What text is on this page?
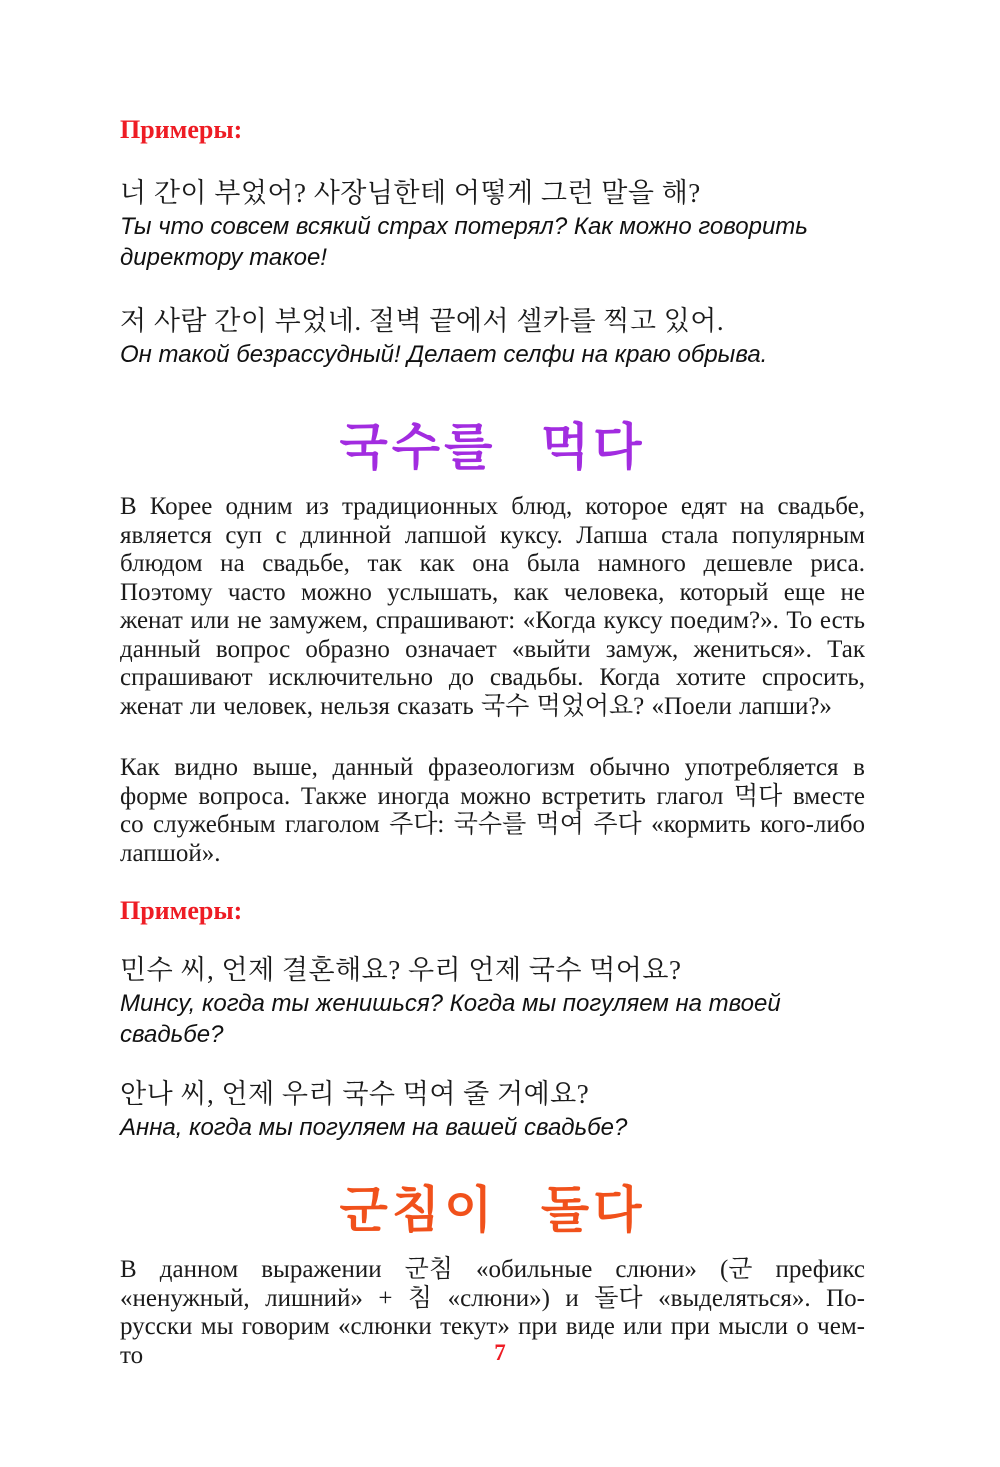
Примеры:

너 간이 부었어? 사장님한테 어떻게 그런 말을 해?

Ты что совсем всякий страх потерял? Как можно говорить директору такое!

저 사람 간이 부었네. 절벽 끝에서 셀카를 찍고 있어.

Он такой безрассудный! Делает селфи на краю обрыва.

국수를 먹다

В Корее одним из традиционных блюд, которое едят на свадьбе, является суп с длинной лапшой куксу. Лапша стала популярным блюдом на свадьбе, так как она была намного дешевле риса. Поэтому часто можно услышать, как человека, который еще не женат или не замужем, спрашивают: «Когда куксу поедим?». То есть данный вопрос образно означает «выйти замуж, жениться». Так спрашивают исключительно до свадьбы. Когда хотите спросить, женат ли человек, нельзя сказать 국수 먹었어요? «Поели лапши?»

Как видно выше, данный фразеологизм обычно употребляется в форме вопроса. Также иногда можно встретить глагол 먹다 вместе со служебным глаголом 주다: 국수를 먹여 주다 «кормить кого-либо лапшой».

Примеры:

민수 씨, 언제 결혼해요? 우리 언제 국수 먹어요?

Минсу, когда ты женишься? Когда мы погуляем на твоей свадьбе?

안나 씨, 언제 우리 국수 먹여 줄 거예요?

Анна, когда мы погуляем на вашей свадьбе?

군침이 돌다

В данном выражении 군침 «обильные слюни» (군 префикс «ненужный, лишний» + 침 «слюни») и 돌다 «выделяться». По-русски мы говорим «слюнки текут» при виде или при мысли о чем-то	7
